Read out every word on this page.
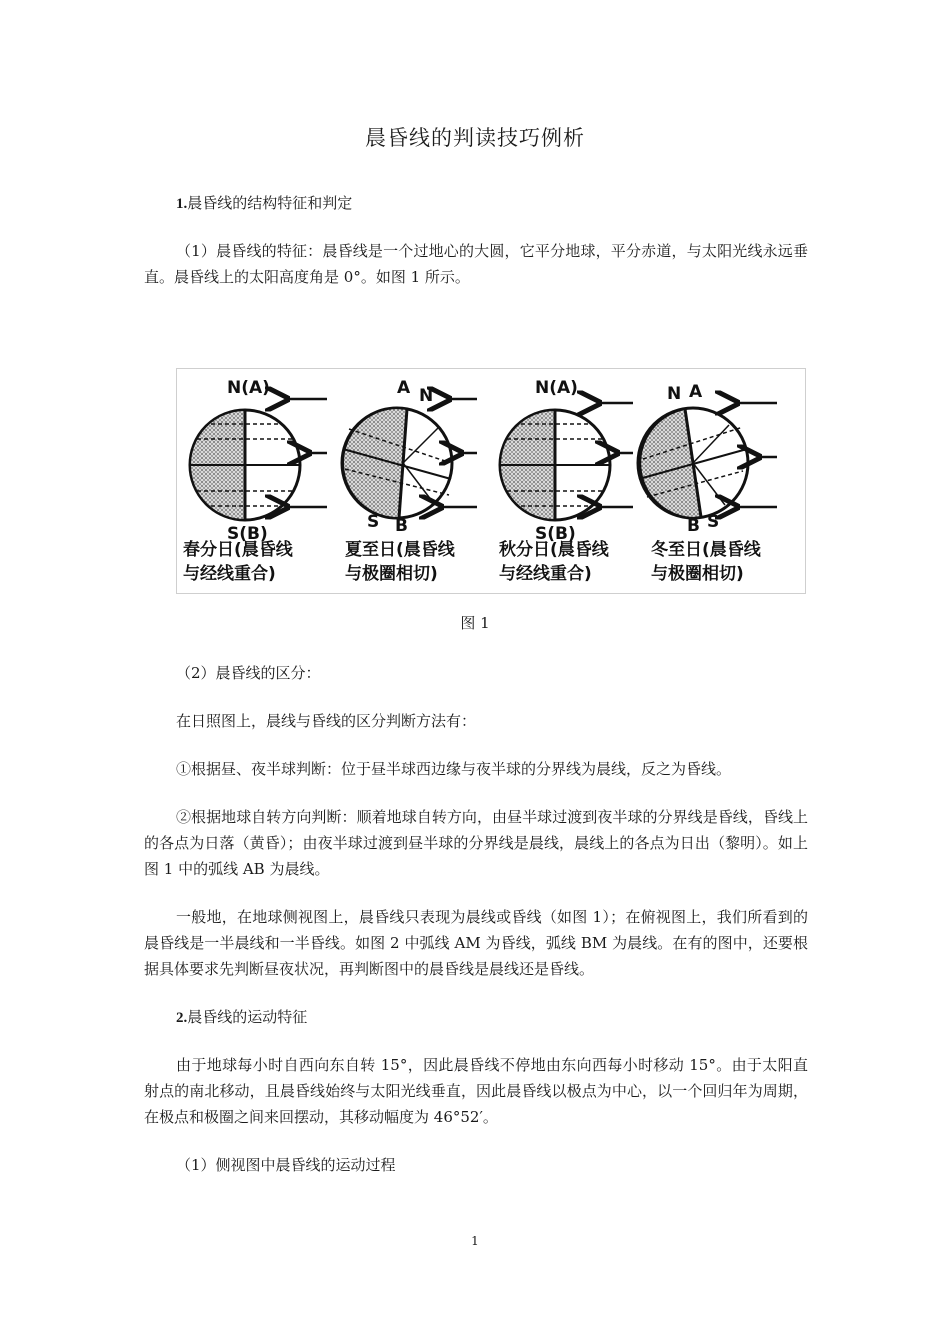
晨昏线的判读技巧例析

1.晨昏线的结构特征和判定

（1）晨昏线的特征：晨昏线是一个过地心的大圆，它平分地球，平分赤道，与太阳光线永远垂直。晨昏线上的太阳高度角是 0°。如图 1 所示。

N(A)
S(B)
春分日(晨昏线
与经线重合)
A N
S B
夏至日(晨昏线
与极圈相切)
N(A)
S(B)
秋分日(晨昏线
与经线重合)
N A
B S
冬至日(晨昏线
与极圈相切)
图 1

（2）晨昏线的区分：

在日照图上，晨线与昏线的区分判断方法有：

①根据昼、夜半球判断：位于昼半球西边缘与夜半球的分界线为晨线，反之为昏线。

②根据地球自转方向判断：顺着地球自转方向，由昼半球过渡到夜半球的分界线是昏线，昏线上的各点为日落（黄昏）；由夜半球过渡到昼半球的分界线是晨线，晨线上的各点为日出（黎明）。如上图 1 中的弧线 AB 为晨线。

一般地，在地球侧视图上，晨昏线只表现为晨线或昏线（如图 1）；在俯视图上，我们所看到的晨昏线是一半晨线和一半昏线。如图 2 中弧线 AM 为昏线，弧线 BM 为晨线。在有的图中，还要根据具体要求先判断昼夜状况，再判断图中的晨昏线是晨线还是昏线。

2.晨昏线的运动特征

由于地球每小时自西向东自转 15°，因此晨昏线不停地由东向西每小时移动 15°。由于太阳直射点的南北移动，且晨昏线始终与太阳光线垂直，因此晨昏线以极点为中心，以一个回归年为周期，在极点和极圈之间来回摆动，其移动幅度为 46°52′。

（1）侧视图中晨昏线的运动过程

1
